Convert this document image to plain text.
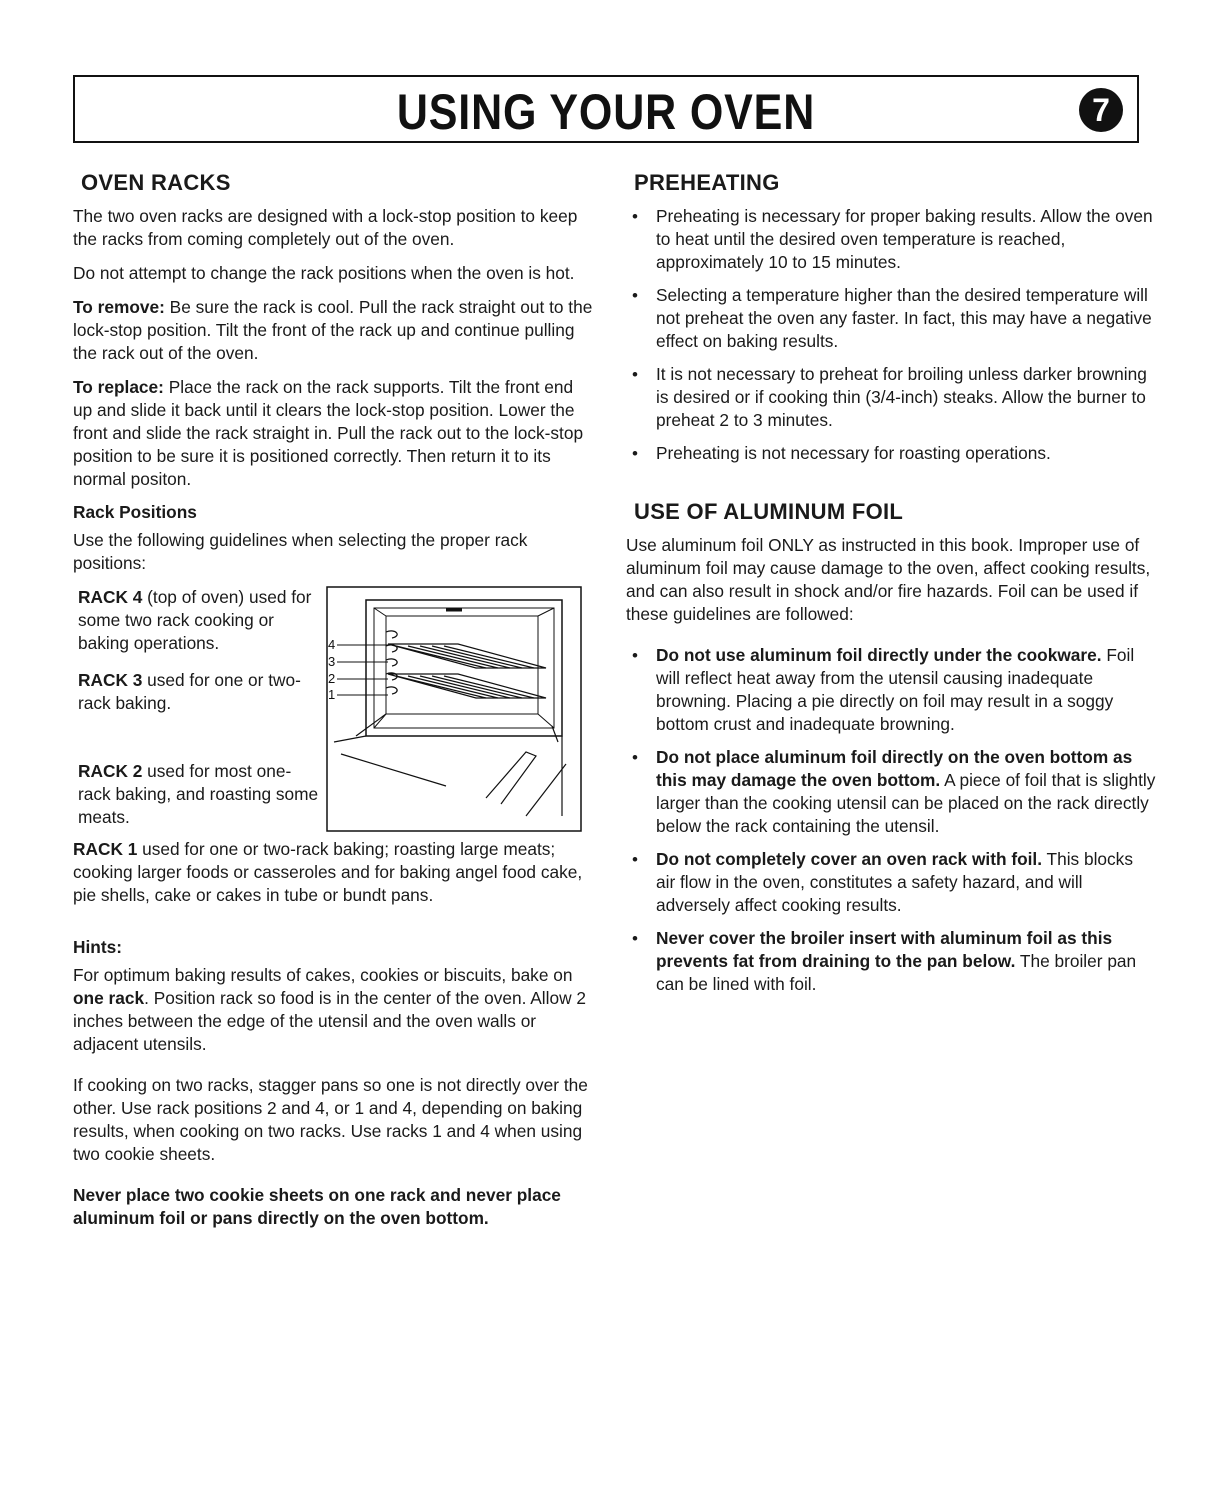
USING YOUR OVEN	7
OVEN RACKS

The two oven racks are designed with a lock-stop position to keep the racks from coming completely out of the oven.

Do not attempt to change the rack positions when the oven is hot.

To remove: Be sure the rack is cool. Pull the rack straight out to the lock-stop position. Tilt the front of the rack up and continue pulling the rack out of the oven.

To replace: Place the rack on the rack supports. Tilt the front end up and slide it back until it clears the lock-stop position. Lower the front and slide the rack straight in. Pull the rack out to the lock-stop position to be sure it is positioned correctly. Then return it to its normal positon.

Rack Positions

Use the following guidelines when selecting the proper rack positions:

RACK 4 (top of oven) used for some two rack cooking or baking operations.

RACK 3 used for one or two-rack baking.

RACK 2 used for most one-rack baking, and roasting some meats.

4
3
2
1

RACK 1 used for one or two-rack baking; roasting large meats; cooking larger foods or casseroles and for baking angel food cake, pie shells, cake or cakes in tube or bundt pans.

Hints:

For optimum baking results of cakes, cookies or biscuits, bake on one rack. Position rack so food is in the center of the oven. Allow 2 inches between the edge of the utensil and the oven walls or adjacent utensils.

If cooking on two racks, stagger pans so one is not directly over the other. Use rack positions 2 and 4, or 1 and 4, depending on baking results, when cooking on two racks. Use racks 1 and 4 when using two cookie sheets.

Never place two cookie sheets on one rack and never place aluminum foil or pans directly on the oven bottom.

PREHEATING
• Preheating is necessary for proper baking results. Allow the oven to heat until the desired oven temperature is reached, approximately 10 to 15 minutes.
• Selecting a temperature higher than the desired temperature will not preheat the oven any faster. In fact, this may have a negative effect on baking results.
• It is not necessary to preheat for broiling unless darker browning is desired or if cooking thin (3/4-inch) steaks. Allow the burner to preheat 2 to 3 minutes.
• Preheating is not necessary for roasting operations.
USE OF ALUMINUM FOIL

Use aluminum foil ONLY as instructed in this book. Improper use of aluminum foil may cause damage to the oven, affect cooking results, and can also result in shock and/or fire hazards. Foil can be used if these guidelines are followed:

• Do not use aluminum foil directly under the cookware. Foil will reflect heat away from the utensil causing inadequate browning. Placing a pie directly on foil may result in a soggy bottom crust and inadequate browning.
• Do not place aluminum foil directly on the oven bottom as this may damage the oven bottom. A piece of foil that is slightly larger than the cooking utensil can be placed on the rack directly below the rack containing the utensil.
• Do not completely cover an oven rack with foil. This blocks air flow in the oven, constitutes a safety hazard, and will adversely affect cooking results.
• Never cover the broiler insert with aluminum foil as this prevents fat from draining to the pan below. The broiler pan can be lined with foil.
